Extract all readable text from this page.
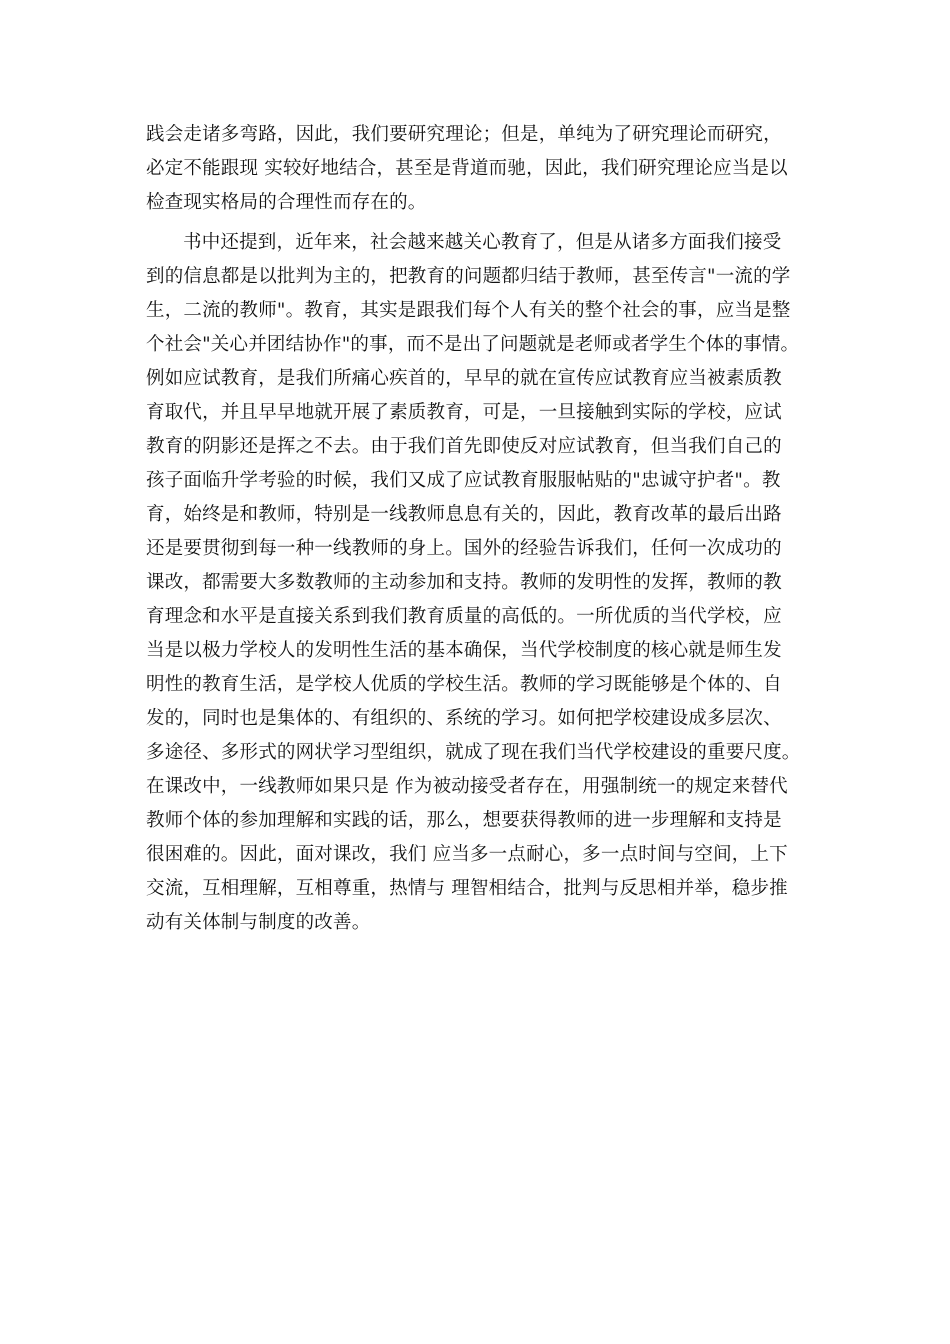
践会走诸多弯路，因此，我们要研究理论；但是，单纯为了研究理论而研究，
必定不能跟现 实较好地结合，甚至是背道而驰，因此，我们研究理论应当是以
检查现实格局的合理性而存在的。
书中还提到，近年来，社会越来越关心教育了，但是从诸多方面我们接受
到的信息都是以批判为主的，把教育的问题都归结于教师，甚至传言"一流的学
生，二流的教师"。教育，其实是跟我们每个人有关的整个社会的事，应当是整
个社会"关心并团结协作"的事，而不是出了问题就是老师或者学生个体的事情。
例如应试教育，是我们所痛心疾首的，早早的就在宣传应试教育应当被素质教
育取代，并且早早地就开展了素质教育，可是，一旦接触到实际的学校，应试
教育的阴影还是挥之不去。由于我们首先即使反对应试教育，但当我们自己的
孩子面临升学考验的时候，我们又成了应试教育服服帖贴的"忠诚守护者"。教
育，始终是和教师，特别是一线教师息息有关的，因此，教育改革的最后出路
还是要贯彻到每一种一线教师的身上。国外的经验告诉我们，任何一次成功的
课改，都需要大多数教师的主动参加和支持。教师的发明性的发挥，教师的教
育理念和水平是直接关系到我们教育质量的高低的。一所优质的当代学校，应
当是以极力学校人的发明性生活的基本确保，当代学校制度的核心就是师生发
明性的教育生活，是学校人优质的学校生活。教师的学习既能够是个体的、自
发的，同时也是集体的、有组织的、系统的学习。如何把学校建设成多层次、
多途径、多形式的网状学习型组织，就成了现在我们当代学校建设的重要尺度。
在课改中，一线教师如果只是 作为被动接受者存在，用强制统一的规定来替代
教师个体的参加理解和实践的话，那么，想要获得教师的进一步理解和支持是
很困难的。因此，面对课改，我们 应当多一点耐心，多一点时间与空间，上下
交流，互相理解，互相尊重，热情与 理智相结合，批判与反思相并举，稳步推
动有关体制与制度的改善。
